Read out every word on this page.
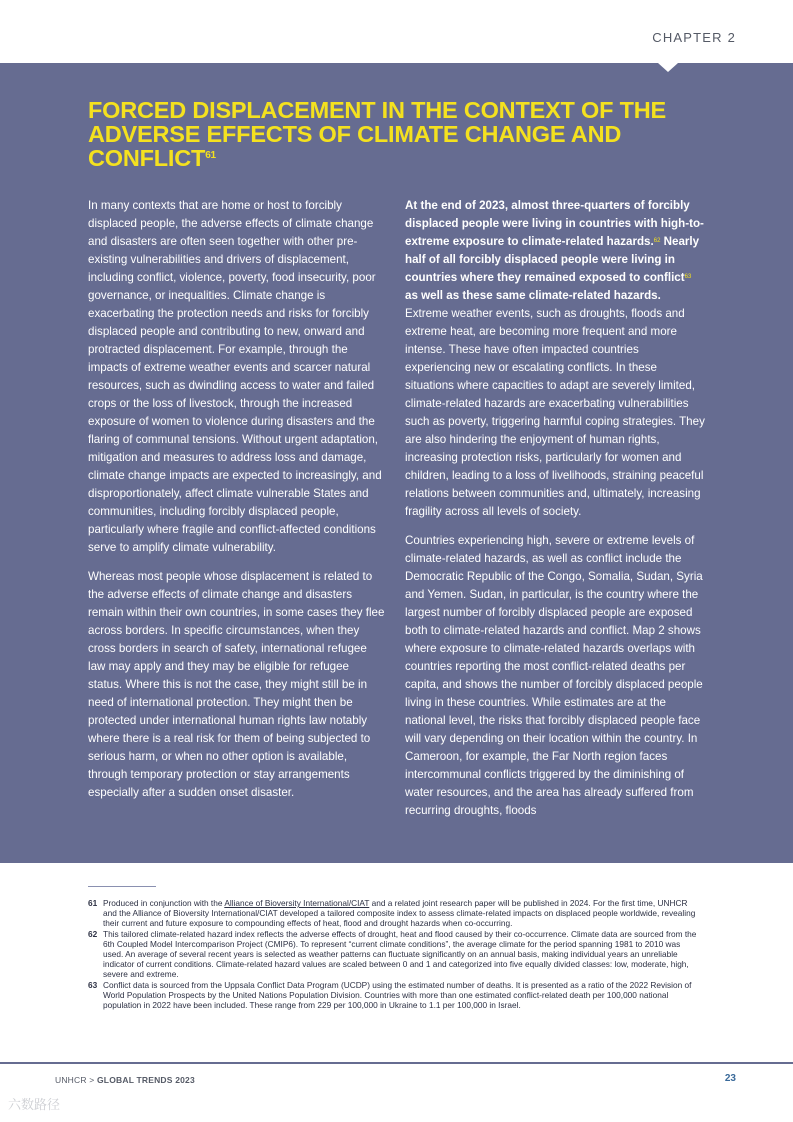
CHAPTER 2
FORCED DISPLACEMENT IN THE CONTEXT OF THE ADVERSE EFFECTS OF CLIMATE CHANGE AND CONFLICT$^{61}$

In many contexts that are home or host to forcibly displaced people, the adverse effects of climate change and disasters are often seen together with other pre-existing vulnerabilities and drivers of displacement, including conflict, violence, poverty, food insecurity, poor governance, or inequalities. Climate change is exacerbating the protection needs and risks for forcibly displaced people and contributing to new, onward and protracted displacement. For example, through the impacts of extreme weather events and scarcer natural resources, such as dwindling access to water and failed crops or the loss of livestock, through the increased exposure of women to violence during disasters and the flaring of communal tensions. Without urgent adaptation, mitigation and measures to address loss and damage, climate change impacts are expected to increasingly, and disproportionately, affect climate vulnerable States and communities, including forcibly displaced people, particularly where fragile and conflict-affected conditions serve to amplify climate vulnerability.

Whereas most people whose displacement is related to the adverse effects of climate change and disasters remain within their own countries, in some cases they flee across borders. In specific circumstances, when they cross borders in search of safety, international refugee law may apply and they may be eligible for refugee status. Where this is not the case, they might still be in need of international protection. They might then be protected under international human rights law notably where there is a real risk for them of being subjected to serious harm, or when no other option is available, through temporary protection or stay arrangements especially after a sudden onset disaster.

At the end of 2023, almost three-quarters of forcibly displaced people were living in countries with high-to-extreme exposure to climate-related hazards.$^{62}$ Nearly half of all forcibly displaced people were living in countries where they remained exposed to conflict$^{63}$ as well as these same climate-related hazards. Extreme weather events, such as droughts, floods and extreme heat, are becoming more frequent and more intense. These have often impacted countries experiencing new or escalating conflicts. In these situations where capacities to adapt are severely limited, climate-related hazards are exacerbating vulnerabilities such as poverty, triggering harmful coping strategies. They are also hindering the enjoyment of human rights, increasing protection risks, particularly for women and children, leading to a loss of livelihoods, straining peaceful relations between communities and, ultimately, increasing fragility across all levels of society.

Countries experiencing high, severe or extreme levels of climate-related hazards, as well as conflict include the Democratic Republic of the Congo, Somalia, Sudan, Syria and Yemen. Sudan, in particular, is the country where the largest number of forcibly displaced people are exposed both to climate-related hazards and conflict. Map 2 shows where exposure to climate-related hazards overlaps with countries reporting the most conflict-related deaths per capita, and shows the number of forcibly displaced people living in these countries. While estimates are at the national level, the risks that forcibly displaced people face will vary depending on their location within the country. In Cameroon, for example, the Far North region faces intercommunal conflicts triggered by the diminishing of water resources, and the area has already suffered from recurring droughts, floods

61 Produced in conjunction with the Alliance of Bioversity International/CIAT and a related joint research paper will be published in 2024. For the first time, UNHCR and the Alliance of Bioversity International/CIAT developed a tailored composite index to assess climate-related impacts on displaced people worldwide, revealing their current and future exposure to compounding effects of heat, flood and drought hazards when co-occurring.
62 This tailored climate-related hazard index reflects the adverse effects of drought, heat and flood caused by their co-occurrence. Climate data are sourced from the 6th Coupled Model Intercomparison Project (CMIP6). To represent “current climate conditions”, the average climate for the period spanning 1981 to 2010 was used. An average of several recent years is selected as weather patterns can fluctuate significantly on an annual basis, making individual years an unreliable indicator of current conditions. Climate-related hazard values are scaled between 0 and 1 and categorized into five equally divided classes: low, moderate, high, severe and extreme.
63 Conflict data is sourced from the Uppsala Conflict Data Program (UCDP) using the estimated number of deaths. It is presented as a ratio of the 2022 Revision of World Population Prospects by the United Nations Population Division. Countries with more than one estimated conflict-related death per 100,000 national population in 2022 have been included. These range from 229 per 100,000 in Ukraine to 1.1 per 100,000 in Israel.
UNHCR > GLOBAL TRENDS 2023	23
六数路径
